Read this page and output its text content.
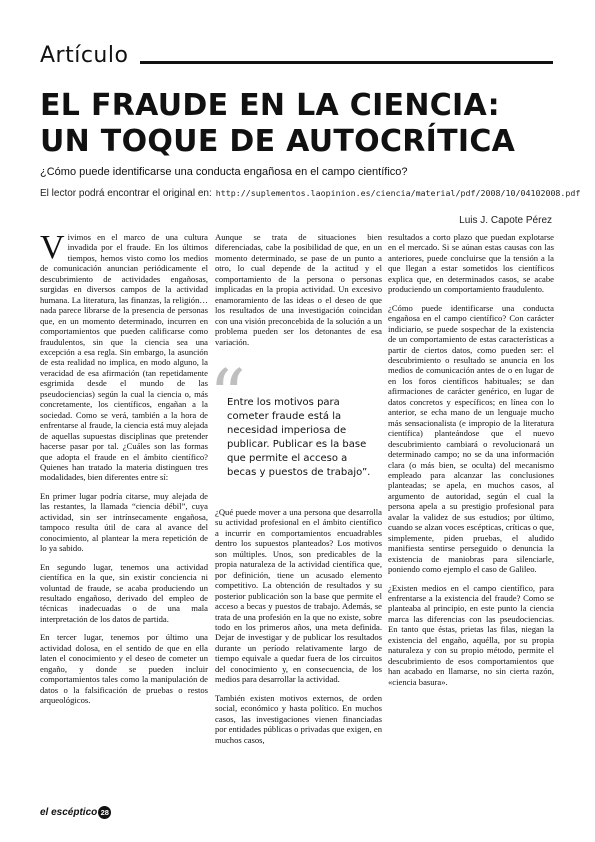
Artículo
EL FRAUDE EN LA CIENCIA:
UN TOQUE DE AUTOCRÍTICA
¿Cómo puede identificarse una conducta engañosa en el campo científico?
El lector podrá encontrar el original en: http://suplementos.laopinion.es/ciencia/material/pdf/2008/10/04102008.pdf
Luis J. Capote Pérez

Vivimos en el marco de una cultura invadida por el fraude. En los últimos tiempos, hemos visto como los medios de comunicación anuncian periódicamente el descubrimiento de actividades engañosas, surgidas en diversos campos de la actividad humana. La literatura, las finanzas, la religión… nada parece librarse de la presencia de personas que, en un momento determinado, incurren en comportamientos que pueden calificarse como fraudulentos, sin que la ciencia sea una excepción a esa regla. Sin embargo, la asunción de esta realidad no implica, en modo alguno, la veracidad de esa afirmación (tan repetidamente esgrimida desde el mundo de las pseudociencias) según la cual la ciencia o, más concretamente, los científicos, engañan a la sociedad. Como se verá, también a la hora de enfrentarse al fraude, la ciencia está muy alejada de aquellas supuestas disciplinas que pretender hacerse pasar por tal. ¿Cuáles son las formas que adopta el fraude en el ámbito científico? Quienes han tratado la materia distinguen tres modalidades, bien diferentes entre sí:

En primer lugar podría citarse, muy alejada de las restantes, la llamada “ciencia débil”, cuya actividad, sin ser intrínsecamente engañosa, tampoco resulta útil de cara al avance del conocimiento, al plantear la mera repetición de lo ya sabido.

En segundo lugar, tenemos una actividad científica en la que, sin existir conciencia ni voluntad de fraude, se acaba produciendo un resultado engañoso, derivado del empleo de técnicas inadecuadas o de una mala interpretación de los datos de partida.

En tercer lugar, tenemos por último una actividad dolosa, en el sentido de que en ella laten el conocimiento y el deseo de cometer un engaño, y donde se pueden incluir comportamientos tales como la manipulación de datos o la falsificación de pruebas o restos arqueológicos.

Aunque se trata de situaciones bien diferenciadas, cabe la posibilidad de que, en un momento determinado, se pase de un punto a otro, lo cual depende de la actitud y el comportamiento de la persona o personas implicadas en la propia actividad. Un excesivo enamoramiento de las ideas o el deseo de que los resultados de una investigación coincidan con una visión preconcebida de la solución a un problema pueden ser los detonantes de esa variación.

¿Qué puede mover a una persona que desarrolla su actividad profesional en el ámbito científico a incurrir en comportamientos encuadrables dentro los supuestos planteados? Los motivos son múltiples. Unos, son predicables de la propia naturaleza de la actividad científica que, por definición, tiene un acusado elemento competitivo. La obtención de resultados y su posterior publicación son la base que permite el acceso a becas y puestos de trabajo. Además, se trata de una profesión en la que no existe, sobre todo en los primeros años, una meta definida. Dejar de investigar y de publicar los resultados durante un período relativamente largo de tiempo equivale a quedar fuera de los circuitos del conocimiento y, en consecuencia, de los medios para desarrollar la actividad.

También existen motivos externos, de orden social, económico y hasta político. En muchos casos, las investigaciones vienen financiadas por entidades públicas o privadas que exigen, en muchos casos,

“
Entre los motivos para cometer fraude está la necesidad imperiosa de publicar. Publicar es la base que permite el acceso a becas y puestos de trabajo”.

resultados a corto plazo que puedan explotarse en el mercado. Si se aúnan estas causas con las anteriores, puede concluirse que la tensión a la que llegan a estar sometidos los científicos explica que, en determinados casos, se acabe produciendo un comportamiento fraudulento.

¿Cómo puede identificarse una conducta engañosa en el campo científico? Con carácter indiciario, se puede sospechar de la existencia de un comportamiento de estas características a partir de ciertos datos, como pueden ser: el descubrimiento o resultado se anuncia en los medios de comunicación antes de o en lugar de en los foros científicos habituales; se dan afirmaciones de carácter genérico, en lugar de datos concretos y específicos; en línea con lo anterior, se echa mano de un lenguaje mucho más sensacionalista (e impropio de la literatura científica) planteándose que el nuevo descubrimiento cambiará o revolucionará un determinado campo; no se da una información clara (o más bien, se oculta) del mecanismo empleado para alcanzar las conclusiones planteadas; se apela, en muchos casos, al argumento de autoridad, según el cual la persona apela a su prestigio profesional para avalar la validez de sus estudios; por último, cuando se alzan voces escépticas, críticas o que, simplemente, piden pruebas, el aludido manifiesta sentirse perseguido o denuncia la existencia de maniobras para silenciarle, poniendo como ejemplo el caso de Galileo.

¿Existen medios en el campo científico, para enfrentarse a la existencia del fraude? Como se planteaba al principio, en este punto la ciencia marca las diferencias con las pseudociencias. En tanto que éstas, prietas las filas, niegan la existencia del engaño, aquélla, por su propia naturaleza y con su propio método, permite el descubrimiento de esos comportamientos que han acabado en llamarse, no sin cierta razón, «ciencia basura».

el escéptico 28
